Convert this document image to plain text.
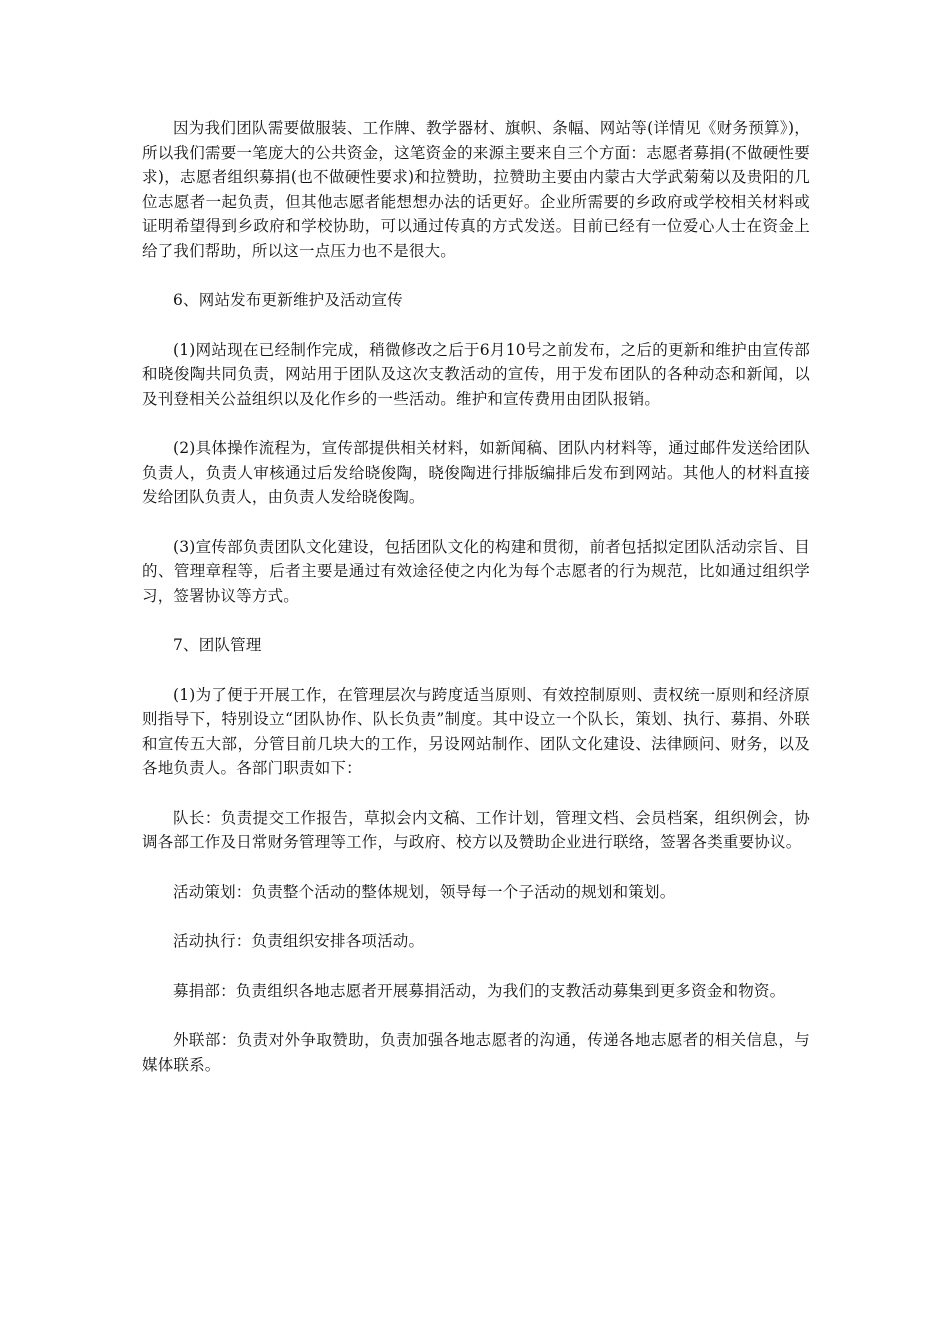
因为我们团队需要做服装、工作牌、教学器材、旗帜、条幅、网站等(详情见《财务预算》)，所以我们需要一笔庞大的公共资金，这笔资金的来源主要来自三个方面：志愿者募捐(不做硬性要求)，志愿者组织募捐(也不做硬性要求)和拉赞助，拉赞助主要由内蒙古大学武菊菊以及贵阳的几位志愿者一起负责，但其他志愿者能想想办法的话更好。企业所需要的乡政府或学校相关材料或证明希望得到乡政府和学校协助，可以通过传真的方式发送。目前已经有一位爱心人士在资金上给了我们帮助，所以这一点压力也不是很大。

6、网站发布更新维护及活动宣传

(1)网站现在已经制作完成，稍微修改之后于6月10号之前发布，之后的更新和维护由宣传部和晓俊陶共同负责，网站用于团队及这次支教活动的宣传，用于发布团队的各种动态和新闻，以及刊登相关公益组织以及化作乡的一些活动。维护和宣传费用由团队报销。

(2)具体操作流程为，宣传部提供相关材料，如新闻稿、团队内材料等，通过邮件发送给团队负责人，负责人审核通过后发给晓俊陶，晓俊陶进行排版编排后发布到网站。其他人的材料直接发给团队负责人，由负责人发给晓俊陶。

(3)宣传部负责团队文化建设，包括团队文化的构建和贯彻，前者包括拟定团队活动宗旨、目的、管理章程等，后者主要是通过有效途径使之内化为每个志愿者的行为规范，比如通过组织学习，签署协议等方式。

7、团队管理

(1)为了便于开展工作，在管理层次与跨度适当原则、有效控制原则、责权统一原则和经济原则指导下，特别设立“团队协作、队长负责”制度。其中设立一个队长，策划、执行、募捐、外联和宣传五大部，分管目前几块大的工作，另设网站制作、团队文化建设、法律顾问、财务，以及各地负责人。各部门职责如下：

队长：负责提交工作报告，草拟会内文稿、工作计划，管理文档、会员档案，组织例会，协调各部工作及日常财务管理等工作，与政府、校方以及赞助企业进行联络，签署各类重要协议。

活动策划：负责整个活动的整体规划，领导每一个子活动的规划和策划。

活动执行：负责组织安排各项活动。

募捐部：负责组织各地志愿者开展募捐活动，为我们的支教活动募集到更多资金和物资。

外联部：负责对外争取赞助，负责加强各地志愿者的沟通，传递各地志愿者的相关信息，与媒体联系。
